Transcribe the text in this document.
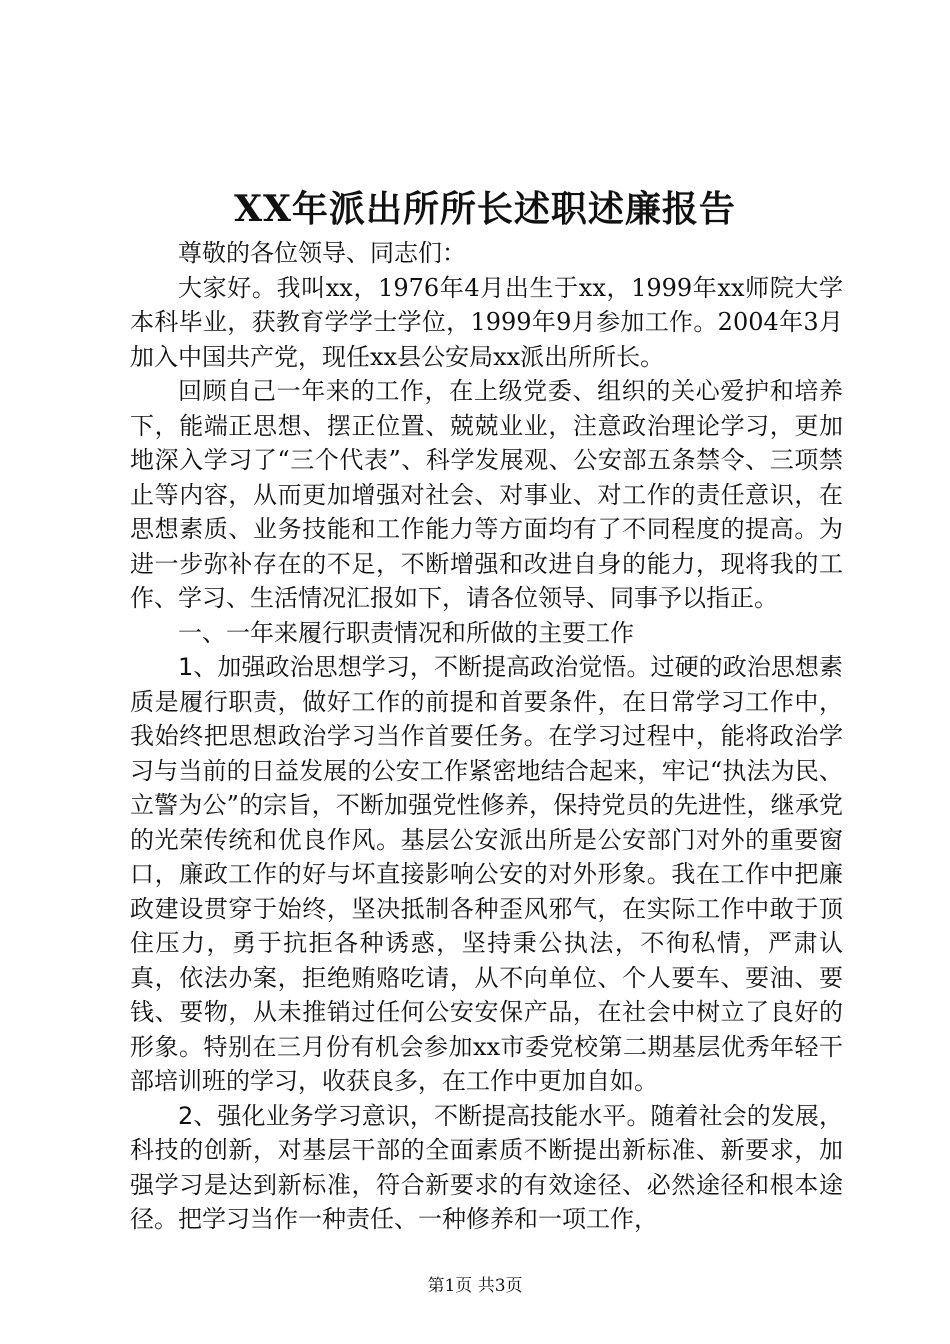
XX年派出所所长述职述廉报告

尊敬的各位领导、同志们：

大家好。我叫xx，1976年4月出生于xx，1999年xx师院大学本科毕业，获教育学学士学位，1999年9月参加工作。2004年3月加入中国共产党，现任xx县公安局xx派出所所长。

回顾自己一年来的工作，在上级党委、组织的关心爱护和培养下，能端正思想、摆正位置、兢兢业业，注意政治理论学习，更加地深入学习了“三个代表”、科学发展观、公安部五条禁令、三项禁止等内容，从而更加增强对社会、对事业、对工作的责任意识，在思想素质、业务技能和工作能力等方面均有了不同程度的提高。为进一步弥补存在的不足，不断增强和改进自身的能力，现将我的工作、学习、生活情况汇报如下，请各位领导、同事予以指正。

一、一年来履行职责情况和所做的主要工作

1、加强政治思想学习，不断提高政治觉悟。过硬的政治思想素质是履行职责，做好工作的前提和首要条件，在日常学习工作中，我始终把思想政治学习当作首要任务。在学习过程中，能将政治学习与当前的日益发展的公安工作紧密地结合起来，牢记“执法为民、立警为公”的宗旨，不断加强党性修养，保持党员的先进性，继承党的光荣传统和优良作风。基层公安派出所是公安部门对外的重要窗口，廉政工作的好与坏直接影响公安的对外形象。我在工作中把廉政建设贯穿于始终，坚决抵制各种歪风邪气，在实际工作中敢于顶住压力，勇于抗拒各种诱惑，坚持秉公执法，不徇私情，严肃认真，依法办案，拒绝贿赂吃请，从不向单位、个人要车、要油、要钱、要物，从未推销过任何公安安保产品，在社会中树立了良好的形象。特别在三月份有机会参加xx市委党校第二期基层优秀年轻干部培训班的学习，收获良多，在工作中更加自如。

2、强化业务学习意识，不断提高技能水平。随着社会的发展，科技的创新，对基层干部的全面素质不断提出新标准、新要求，加强学习是达到新标准，符合新要求的有效途径、必然途径和根本途径。把学习当作一种责任、一种修养和一项工作，

第1页 共3页
